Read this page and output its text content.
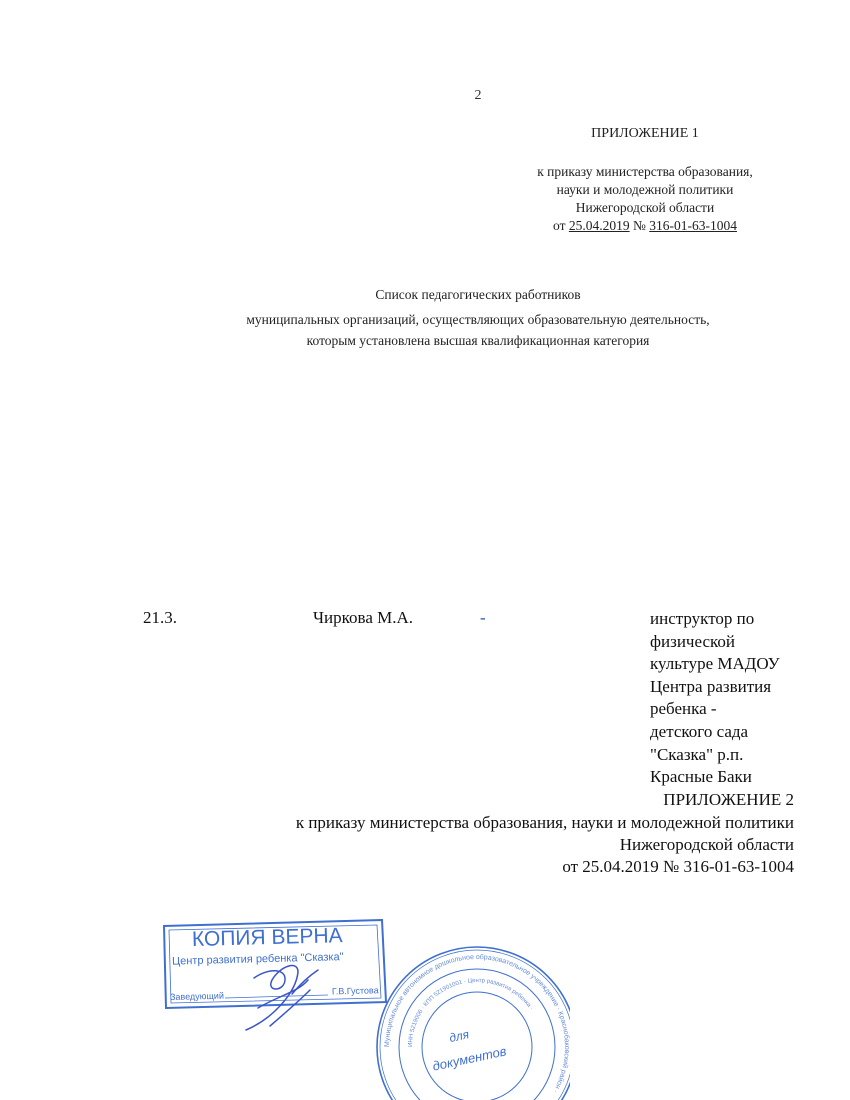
2
ПРИЛОЖЕНИЕ 1
к приказу министерства образования,
науки и молодежной политики
Нижегородской области
от 25.04.2019 № 316-01-63-1004
Список педагогических работников
муниципальных организаций, осуществляющих образовательную деятельность,
которым установлена высшая квалификационная категория
21.3.	Чиркова М.А.	-	инструктор по
физической
культуре МАДОУ
Центра развития
ребенка -
детского сада
"Сказка" р.п.
Красные Баки
ПРИЛОЖЕНИЕ 2
к приказу министерства образования, науки и молодежной политики
Нижегородской области
от 25.04.2019 № 316-01-63-1004
КОПИЯ ВЕРНА
Центр развития ребенка "Сказка"
Заведующий	Г.В.Густова
Муниципальное автономное дошкольное образовательное учреждение · Краснобаковский район ·
ИНН 5219006 · КПП 521901001 · Центр развития ребенка ·
для
документов
